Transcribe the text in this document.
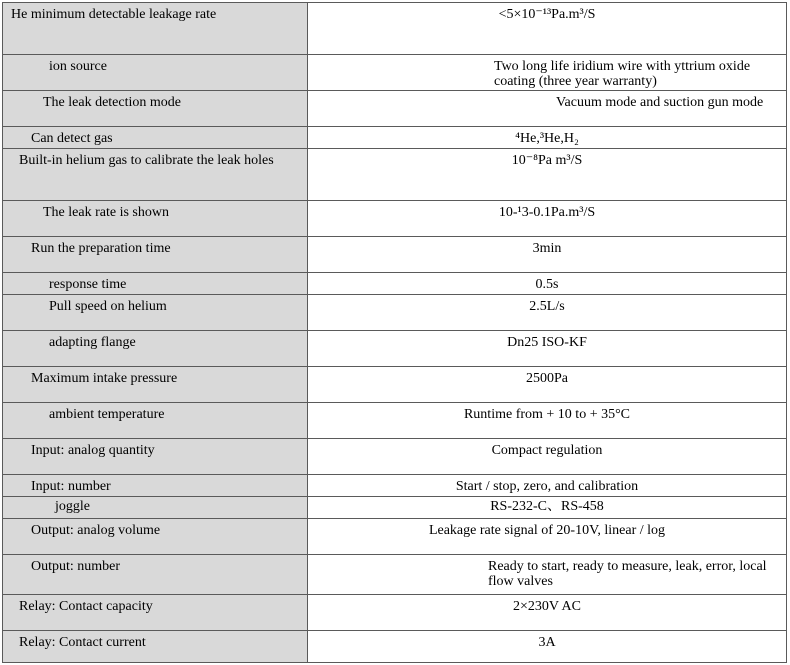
He minimum detectable leakage rate	<5×10⁻¹³Pa.m³/S
ion source	Two long life iridium wire with yttrium oxide coating (three year warranty)
The leak detection mode	Vacuum mode and suction gun mode
Can detect gas	⁴He,³He,H₂
Built-in helium gas to calibrate the leak holes	10⁻⁸Pa m³/S
The leak rate is shown	10-¹3-0.1Pa.m³/S
Run the preparation time	3min
response time	0.5s
Pull speed on helium	2.5L/s
adapting flange	Dn25 ISO-KF
Maximum intake pressure	2500Pa
ambient temperature	Runtime from + 10 to + 35°C
Input: analog quantity	Compact regulation
Input: number	Start / stop, zero, and calibration
joggle	RS-232-C、RS-458
Output: analog volume	Leakage rate signal of 20-10V, linear / log
Output: number	Ready to start, ready to measure, leak, error, local flow valves
Relay: Contact capacity	2×230V AC
Relay: Contact current	3A
